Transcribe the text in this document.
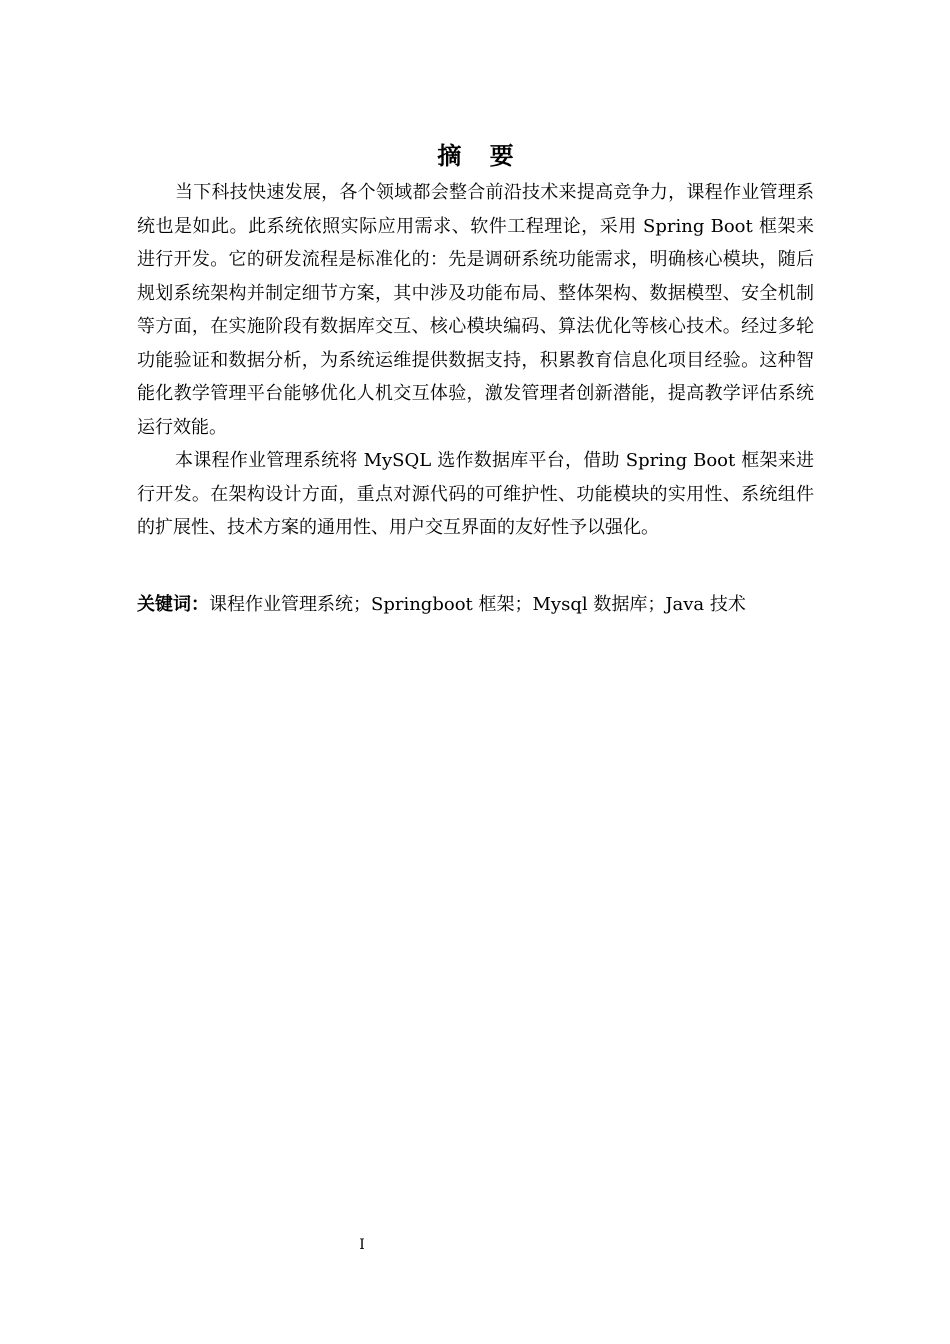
摘 要

当下科技快速发展，各个领域都会整合前沿技术来提高竞争力，课程作业管理系统也是如此。此系统依照实际应用需求、软件工程理论，采用 Spring Boot 框架来进行开发。它的研发流程是标准化的：先是调研系统功能需求，明确核心模块，随后规划系统架构并制定细节方案，其中涉及功能布局、整体架构、数据模型、安全机制等方面，在实施阶段有数据库交互、核心模块编码、算法优化等核心技术。经过多轮功能验证和数据分析，为系统运维提供数据支持，积累教育信息化项目经验。这种智能化教学管理平台能够优化人机交互体验，激发管理者创新潜能，提高教学评估系统运行效能。

本课程作业管理系统将 MySQL 选作数据库平台，借助 Spring Boot 框架来进行开发。在架构设计方面，重点对源代码的可维护性、功能模块的实用性、系统组件的扩展性、技术方案的通用性、用户交互界面的友好性予以强化。

关键词：课程作业管理系统；Springboot 框架；Mysql 数据库；Java 技术

I
